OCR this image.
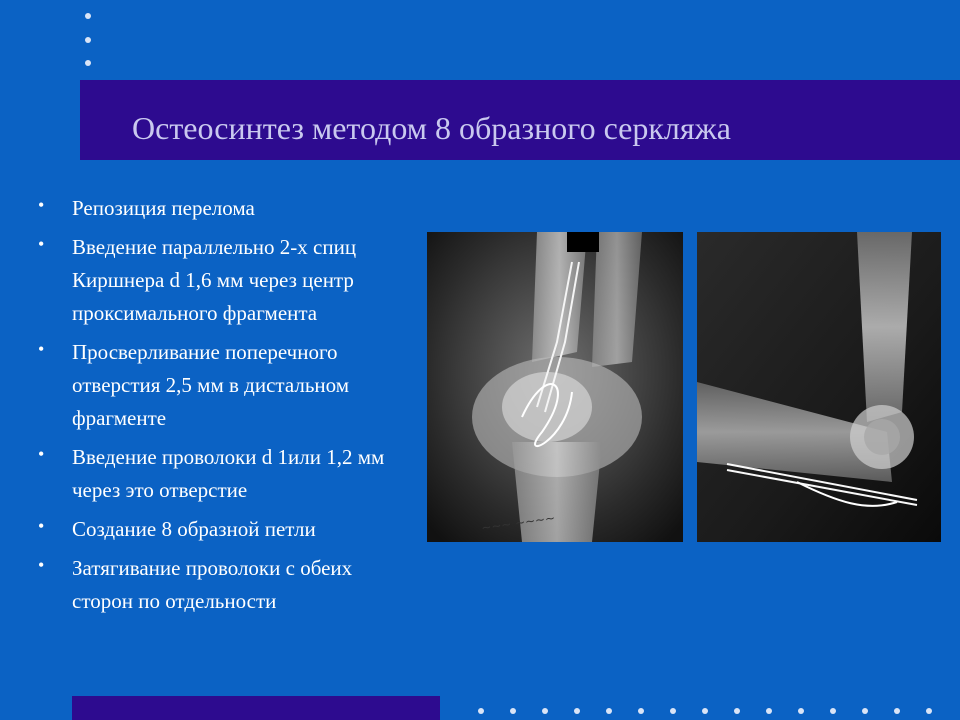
Остеосинтез методом 8 образного серкляжа
• Репозиция перелома
• Введение параллельно 2-х спиц Киршнера d 1,6 мм через центр проксимального фрагмента
• Просверливание поперечного отверстия 2,5 мм в дистальном фрагменте
• Введение проволоки d 1или 1,2 мм через это отверстие
• Создание 8 образной петли
• Затягивание проволоки с обеих сторон по отдельности
~~~ ~~~~
